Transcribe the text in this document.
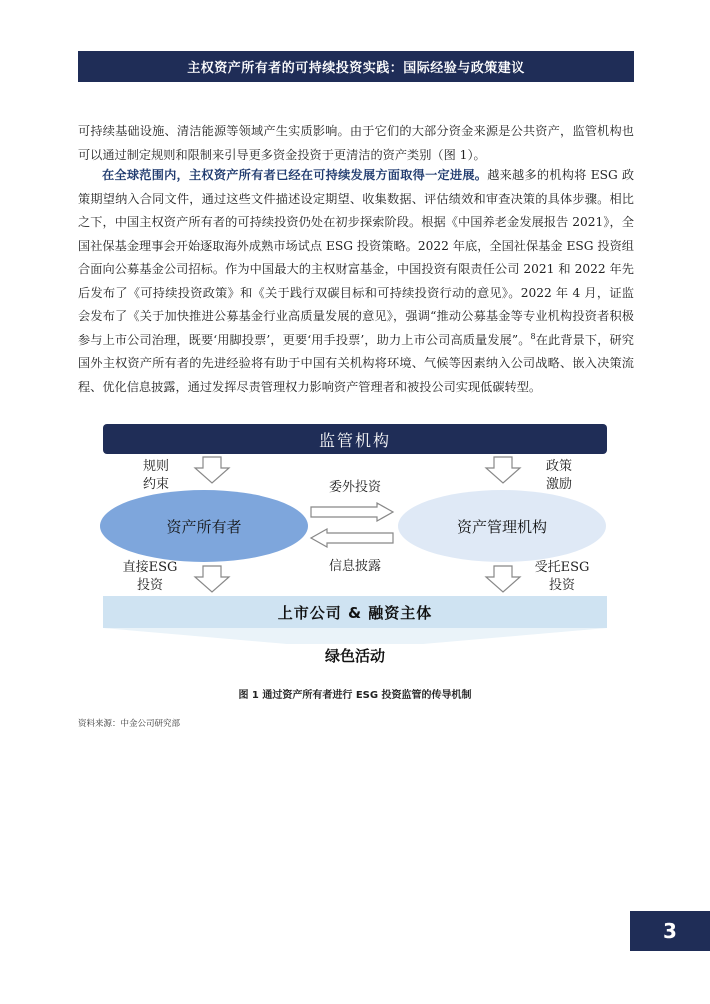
主权资产所有者的可持续投资实践：国际经验与政策建议

可持续基础设施、清洁能源等领域产生实质影响。由于它们的大部分资金来源是公共资产，监管机构也可以通过制定规则和限制来引导更多资金投资于更清洁的资产类别（图 1）。

在全球范围内，主权资产所有者已经在可持续发展方面取得一定进展。越来越多的机构将 ESG 政策期望纳入合同文件，通过这些文件描述设定期望、收集数据、评估绩效和审查决策的具体步骤。相比之下，中国主权资产所有者的可持续投资仍处在初步探索阶段。根据《中国养老金发展报告 2021》，全国社保基金理事会开始逐取海外成熟市场试点 ESG 投资策略。2022 年底，全国社保基金 ESG 投资组合面向公募基金公司招标。作为中国最大的主权财富基金，中国投资有限责任公司 2021 和 2022 年先后发布了《可持续投资政策》和《关于践行双碳目标和可持续投资行动的意见》。2022 年 4 月，证监会发布了《关于加快推进公募基金行业高质量发展的意见》，强调“推动公募基金等专业机构投资者积极参与上市公司治理，既要‘用脚投票’，更要‘用手投票’，助力上市公司高质量发展”。$^8$在此背景下，研究国外主权资产所有者的先进经验将有助于中国有关机构将环境、气候等因素纳入公司战略、嵌入决策流程、优化信息披露，通过发挥尽责管理权力影响资产管理者和被投公司实现低碳转型。

监管机构
规则
约束
政策
激励
委外投资
资产所有者	资产管理机构
信息披露
直接ESG
投资
受托ESG
投资
上市公司 & 融资主体
绿色活动
图 1 通过资产所有者进行 ESG 投资监管的传导机制
资料来源：中金公司研究部
3
